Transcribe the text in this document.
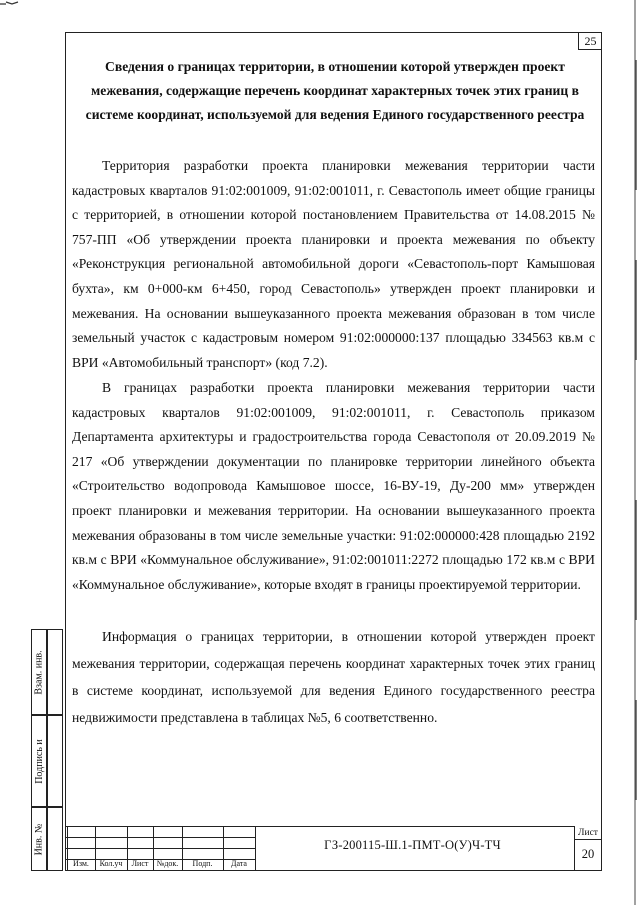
25
Сведения о границах территории, в отношении которой утвержден проект межевания, содержащие перечень координат характерных точек этих границ в системе координат, используемой для ведения Единого государственного реестра
Территория разработки проекта планировки межевания территории части кадастровых кварталов 91:02:001009, 91:02:001011, г. Севастополь имеет общие границы с территорией, в отношении которой постановлением Правительства от 14.08.2015 № 757-ПП «Об утверждении проекта планировки и проекта межевания по объекту «Реконструкция региональной автомобильной дороги «Севастополь-порт Камышовая бухта», км 0+000-км 6+450, город Севастополь» утвержден проект планировки и межевания. На основании вышеуказанного проекта межевания образован в том числе земельный участок с кадастровым номером 91:02:000000:137 площадью 334563 кв.м с ВРИ «Автомобильный транспорт» (код 7.2).
В границах разработки проекта планировки межевания территории части кадастровых кварталов 91:02:001009, 91:02:001011, г. Севастополь приказом Департамента архитектуры и градостроительства города Севастополя от 20.09.2019 № 217 «Об утверждении документации по планировке территории линейного объекта «Строительство водопровода Камышовое шоссе, 16-ВУ-19, Ду-200 мм» утвержден проект планировки и межевания территории. На основании вышеуказанного проекта межевания образованы в том числе земельные участки: 91:02:000000:428 площадью 2192 кв.м с ВРИ «Коммунальное обслуживание», 91:02:001011:2272 площадью 172 кв.м с ВРИ «Коммунальное обслуживание», которые входят в границы проектируемой территории.
Информация о границах территории, в отношении которой утвержден проект межевания территории, содержащая перечень координат характерных точек этих границ в системе координат, используемой для ведения Единого государственного реестра недвижимости представлена в таблицах №5, 6 соответственно.
Взам. инв.
Подпись и
Инв. №
Изм.	Кол.уч	Лист	№док.	Подп.	Дата
ГЗ-200115-Ш.1-ПМТ-О(У)Ч-ТЧ
Лист
20
